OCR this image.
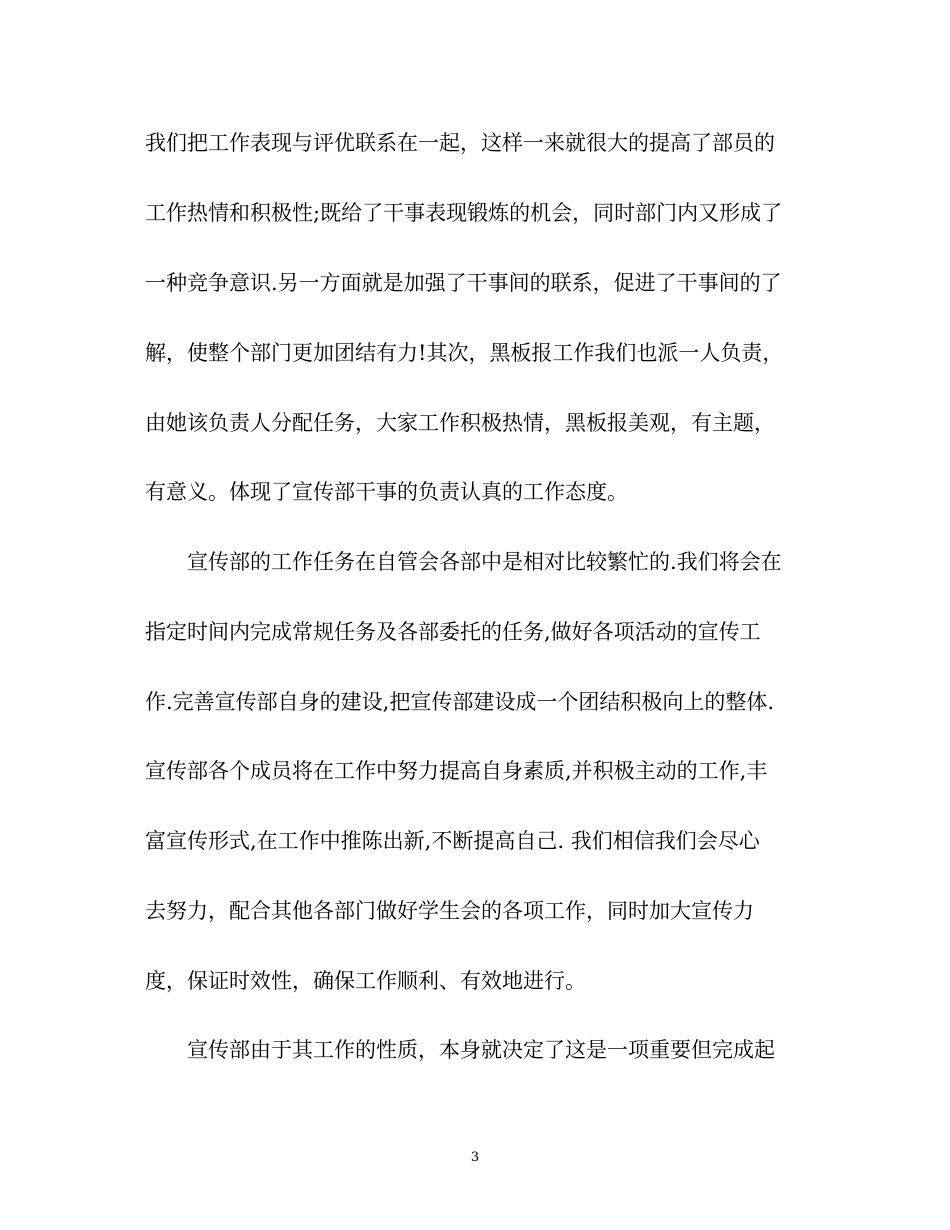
我们把工作表现与评优联系在一起，这样一来就很大的提高了部员的
工作热情和积极性;既给了干事表现锻炼的机会，同时部门内又形成了
一种竞争意识.另一方面就是加强了干事间的联系，促进了干事间的了
解，使整个部门更加团结有力!其次，黑板报工作我们也派一人负责，
由她该负责人分配任务，大家工作积极热情，黑板报美观，有主题，
有意义。体现了宣传部干事的负责认真的工作态度。
宣传部的工作任务在自管会各部中是相对比较繁忙的.我们将会在
指定时间内完成常规任务及各部委托的任务,做好各项活动的宣传工
作.完善宣传部自身的建设,把宣传部建设成一个团结积极向上的整体.
宣传部各个成员将在工作中努力提高自身素质,并积极主动的工作,丰
富宣传形式,在工作中推陈出新,不断提高自己. 我们相信我们会尽心
去努力，配合其他各部门做好学生会的各项工作，同时加大宣传力
度，保证时效性，确保工作顺利、有效地进行。
宣传部由于其工作的性质，本身就决定了这是一项重要但完成起
3
